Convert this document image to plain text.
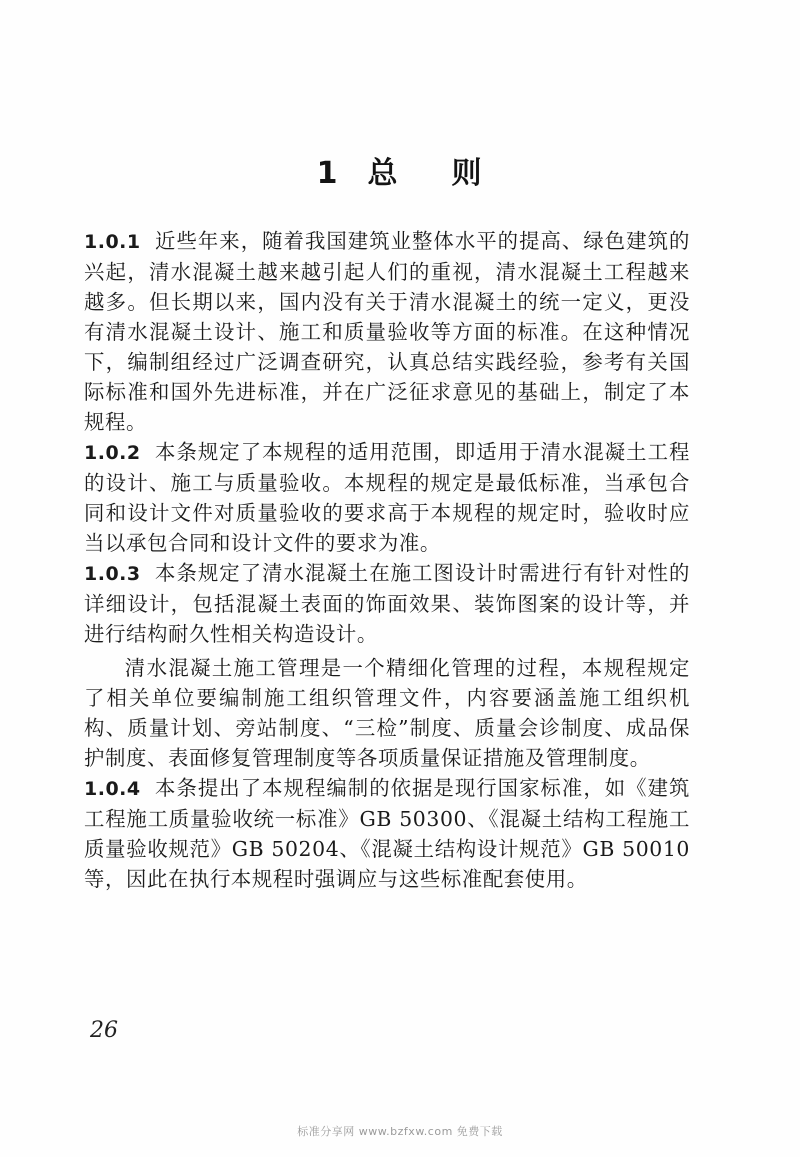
1 总 则

1.0.1 近些年来，随着我国建筑业整体水平的提高、绿色建筑的兴起，清水混凝土越来越引起人们的重视，清水混凝土工程越来越多。但长期以来，国内没有关于清水混凝土的统一定义，更没有清水混凝土设计、施工和质量验收等方面的标准。在这种情况下，编制组经过广泛调查研究，认真总结实践经验，参考有关国际标准和国外先进标准，并在广泛征求意见的基础上，制定了本规程。

1.0.2 本条规定了本规程的适用范围，即适用于清水混凝土工程的设计、施工与质量验收。本规程的规定是最低标准，当承包合同和设计文件对质量验收的要求高于本规程的规定时，验收时应当以承包合同和设计文件的要求为准。

1.0.3 本条规定了清水混凝土在施工图设计时需进行有针对性的详细设计，包括混凝土表面的饰面效果、装饰图案的设计等，并进行结构耐久性相关构造设计。

清水混凝土施工管理是一个精细化管理的过程，本规程规定了相关单位要编制施工组织管理文件，内容要涵盖施工组织机构、质量计划、旁站制度、“三检”制度、质量会诊制度、成品保护制度、表面修复管理制度等各项质量保证措施及管理制度。

1.0.4 本条提出了本规程编制的依据是现行国家标准，如《建筑工程施工质量验收统一标准》GB 50300、《混凝土结构工程施工质量验收规范》GB 50204、《混凝土结构设计规范》GB 50010等，因此在执行本规程时强调应与这些标准配套使用。

26
标准分享网 www.bzfxw.com 免费下载
